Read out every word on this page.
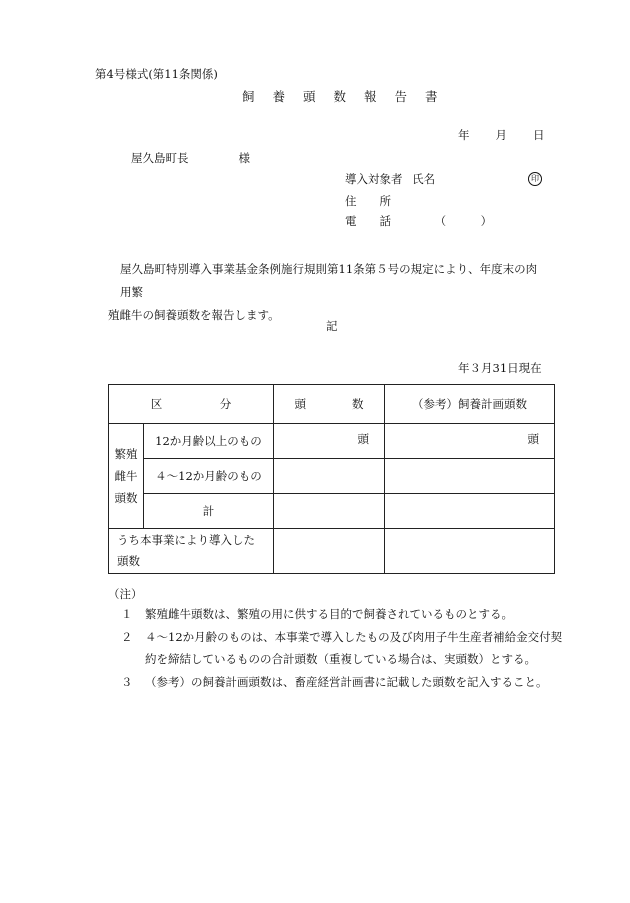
第4号様式(第11条関係)
飼 養 頭 数 報 告 書
年 月 日
屋久島町長	様
導入対象者 氏名	印
住　　所
電　　話	（　　　）
屋久島町特別導入事業基金条例施行規則第11条第５号の規定により、年度末の肉用繁
殖雌牛の飼養頭数を報告します。
記
年３月31日現在
区　　　　　分		頭　　　　数	（参考）飼養計画頭数

繁殖
雌牛
頭数	12か月齢以上のもの	頭	頭

	４～12か月齢のもの		
	計		

うち本事業により導入した
頭数			

（注）
１ 繁殖雌牛頭数は、繁殖の用に供する目的で飼養されているものとする。
２ ４～12か月齢のものは、本事業で導入したもの及び肉用子牛生産者補給金交付契
約を締結しているものの合計頭数（重複している場合は、実頭数）とする。
３ （参考）の飼養計画頭数は、畜産経営計画書に記載した頭数を記入すること。
